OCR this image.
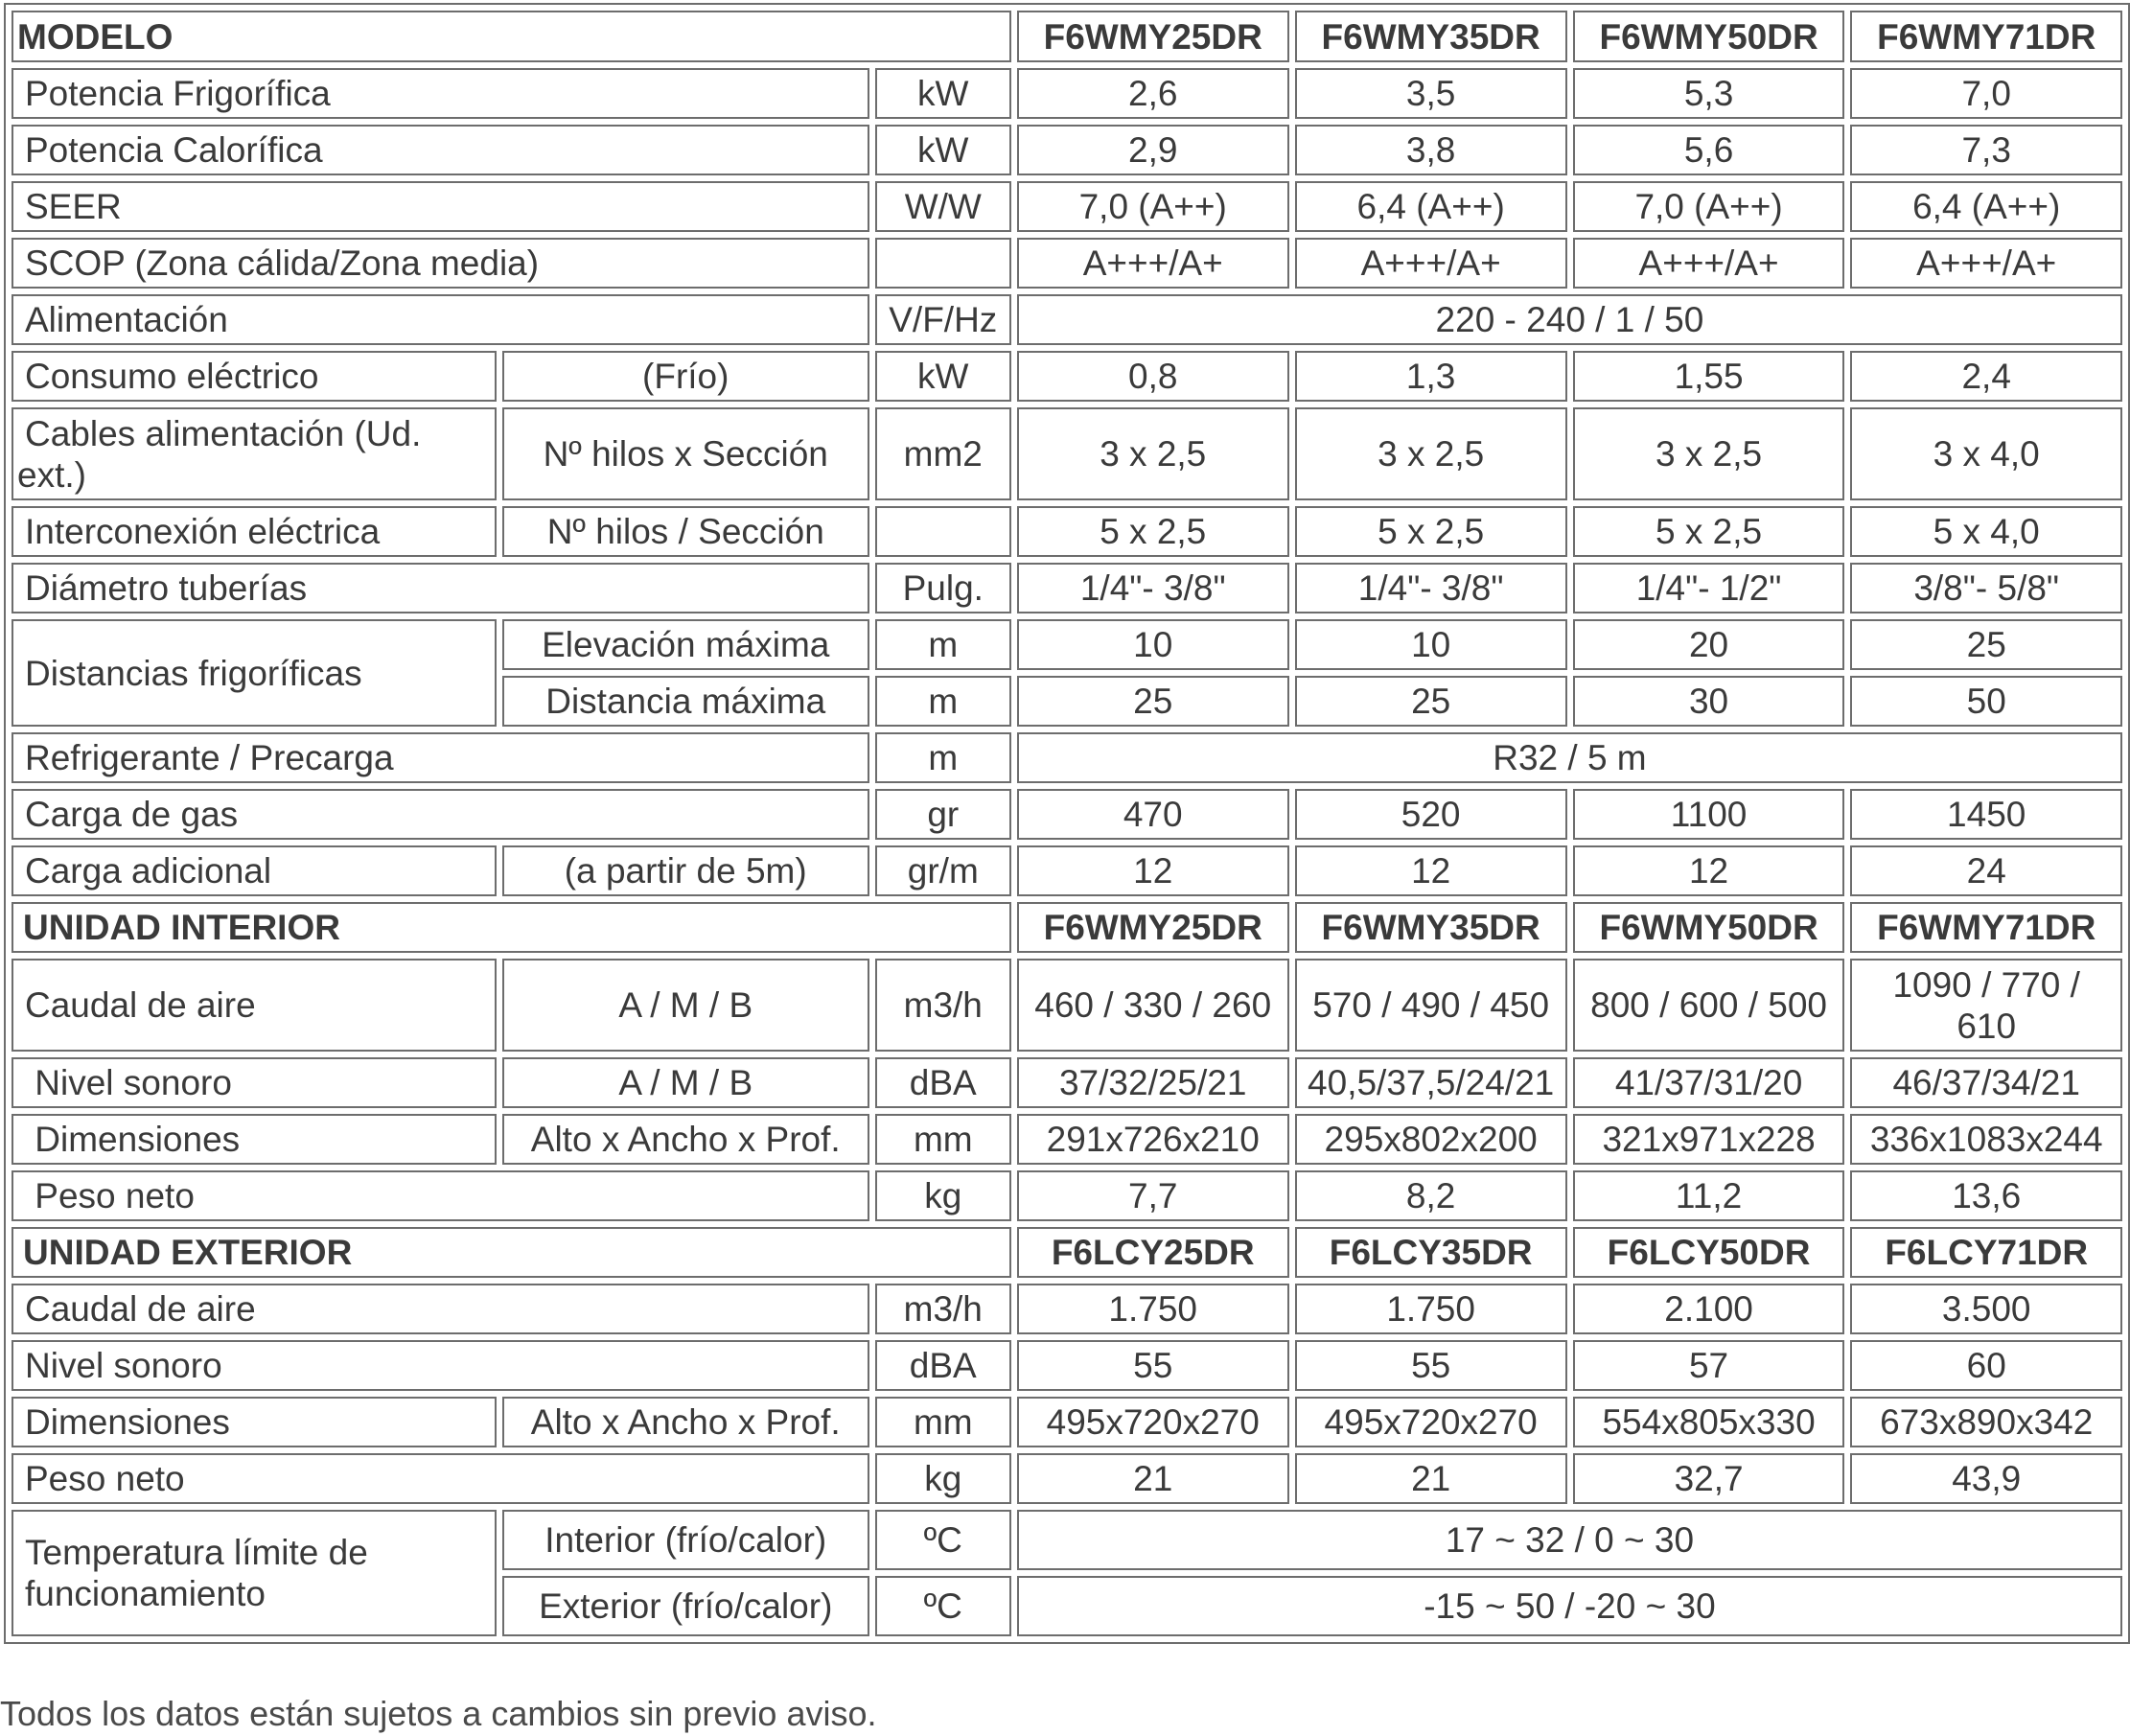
MODELO			F6WMY25DR	F6WMY35DR	F6WMY50DR	F6WMY71DR
Potencia Frigorífica		kW	2,6	3,5	5,3	7,0
Potencia Calorífica		kW	2,9	3,8	5,6	7,3
SEER		W/W	7,0 (A++)	6,4 (A++)	7,0 (A++)	6,4 (A++)
SCOP (Zona cálida/Zona media)			A+++/A+	A+++/A+	A+++/A+	A+++/A+
Alimentación		V/F/Hz	220 - 240 / 1 / 50			
Consumo eléctrico	(Frío)	kW	0,8	1,3	1,55	2,4
Cables alimentación (Ud. ext.)	Nº hilos x Sección	mm2	3 x 2,5	3 x 2,5	3 x 2,5	3 x 4,0
Interconexión eléctrica	Nº hilos / Sección		5 x 2,5	5 x 2,5	5 x 2,5	5 x 4,0
Diámetro tuberías		Pulg.	1/4"- 3/8"	1/4"- 3/8"	1/4"- 1/2"	3/8"- 5/8"
Distancias frigoríficas	Elevación máxima	m	10	10	20	25
	Distancia máxima	m	25	25	30	50
Refrigerante / Precarga		m	R32 / 5 m			
Carga de gas		gr	470	520	1100	1450
Carga adicional	(a partir de 5m)	gr/m	12	12	12	24
UNIDAD INTERIOR			F6WMY25DR	F6WMY35DR	F6WMY50DR	F6WMY71DR
Caudal de aire	A / M / B	m3/h	460 / 330 / 260	570 / 490 / 450	800 / 600 / 500	1090 / 770 / 610
Nivel sonoro	A / M / B	dBA	37/32/25/21	40,5/37,5/24/21	41/37/31/20	46/37/34/21
Dimensiones	Alto x Ancho x Prof.	mm	291x726x210	295x802x200	321x971x228	336x1083x244
Peso neto		kg	7,7	8,2	11,2	13,6
UNIDAD EXTERIOR			F6LCY25DR	F6LCY35DR	F6LCY50DR	F6LCY71DR
Caudal de aire		m3/h	1.750	1.750	2.100	3.500
Nivel sonoro		dBA	55	55	57	60
Dimensiones	Alto x Ancho x Prof.	mm	495x720x270	495x720x270	554x805x330	673x890x342
Peso neto		kg	21	21	32,7	43,9
Temperatura límite de funcionamiento	Interior (frío/calor)	ºC	17 ~ 32 / 0 ~ 30			
	Exterior (frío/calor)	ºC	-15 ~ 50 / -20 ~ 30			

Todos los datos están sujetos a cambios sin previo aviso.
